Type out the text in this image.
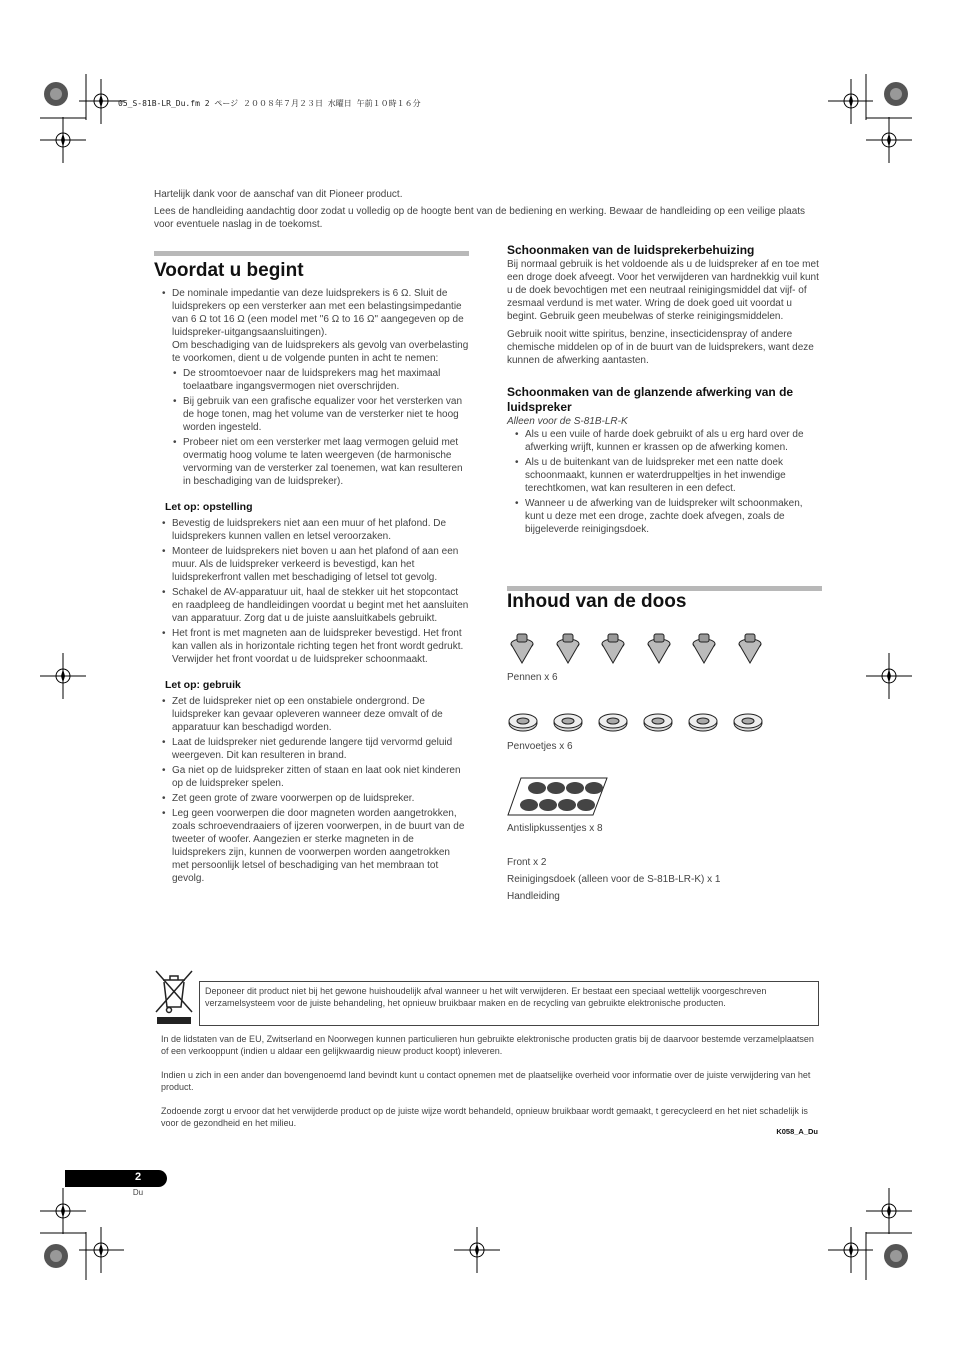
05_S-81B-LR_Du.fm 2 ページ ２００８年７月２３日 水曜日 午前１０時１６分
Hartelijk dank voor de aanschaf van dit Pioneer product.
Lees de handleiding aandachtig door zodat u volledig op de hoogte bent van de bediening en werking. Bewaar de handleiding op een veilige plaats voor eventuele naslag in de toekomst.
Voordat u begint
• De nominale impedantie van deze luidsprekers is 6 Ω. Sluit de luidsprekers op een versterker aan met een belastingsimpedantie van 6 Ω tot 16 Ω (een model met "6 Ω to 16 Ω" aangegeven op de luidspreker-uitgangsaansluitingen).
Om beschadiging van de luidsprekers als gevolg van overbelasting te voorkomen, dient u de volgende punten in acht te nemen:
• De stroomtoevoer naar de luidsprekers mag het maximaal toelaatbare ingangsvermogen niet overschrijden.
• Bij gebruik van een grafische equalizer voor het versterken van de hoge tonen, mag het volume van de versterker niet te hoog worden ingesteld.
• Probeer niet om een versterker met laag vermogen geluid met overmatig hoog volume te laten weergeven (de harmonische vervorming van de versterker zal toenemen, wat kan resulteren in beschadiging van de luidspreker).
Let op: opstelling
• Bevestig de luidsprekers niet aan een muur of het plafond. De luidsprekers kunnen vallen en letsel veroorzaken.
• Monteer de luidsprekers niet boven u aan het plafond of aan een muur. Als de luidspreker verkeerd is bevestigd, kan het luidsprekerfront vallen met beschadiging of letsel tot gevolg.
• Schakel de AV-apparatuur uit, haal de stekker uit het stopcontact en raadpleeg de handleidingen voordat u begint met het aansluiten van apparatuur. Zorg dat u de juiste aansluitkabels gebruikt.
• Het front is met magneten aan de luidspreker bevestigd. Het front kan vallen als in horizontale richting tegen het front wordt gedrukt. Verwijder het front voordat u de luidspreker schoonmaakt.
Let op: gebruik
• Zet de luidspreker niet op een onstabiele ondergrond. De luidspreker kan gevaar opleveren wanneer deze omvalt of de apparatuur kan beschadigd worden.
• Laat de luidspreker niet gedurende langere tijd vervormd geluid weergeven. Dit kan resulteren in brand.
• Ga niet op de luidspreker zitten of staan en laat ook niet kinderen op de luidspreker spelen.
• Zet geen grote of zware voorwerpen op de luidspreker.
• Leg geen voorwerpen die door magneten worden aangetrokken, zoals schroevendraaiers of ijzeren voorwerpen, in de buurt van de tweeter of woofer. Aangezien er sterke magneten in de luidsprekers zijn, kunnen de voorwerpen worden aangetrokken met persoonlijk letsel of beschadiging van het membraan tot gevolg.
Schoonmaken van de luidsprekerbehuizing

Bij normaal gebruik is het voldoende als u de luidspreker af en toe met een droge doek afveegt. Voor het verwijderen van hardnekkig vuil kunt u de doek bevochtigen met een neutraal reinigingsmiddel dat vijf- of zesmaal verdund is met water. Wring de doek goed uit voordat u begint. Gebruik geen meubelwas of sterke reinigingsmiddelen.

Gebruik nooit witte spiritus, benzine, insecticidenspray of andere chemische middelen op of in de buurt van de luidsprekers, want deze kunnen de afwerking aantasten.

Schoonmaken van de glanzende afwerking van de luidspreker
Alleen voor de S-81B-LR-K
• Als u een vuile of harde doek gebruikt of als u erg hard over de afwerking wrijft, kunnen er krassen op de afwerking komen.
• Als u de buitenkant van de luidspreker met een natte doek schoonmaakt, kunnen er waterdruppeltjes in het inwendige terechtkomen, wat kan resulteren in een defect.
• Wanneer u de afwerking van de luidspreker wilt schoonmaken, kunt u deze met een droge, zachte doek afvegen, zoals de bijgeleverde reinigingsdoek.
Inhoud van de doos
Pennen x 6
Penvoetjes x 6
Antislipkussentjes x 8
Front x 2
Reinigingsdoek (alleen voor de S-81B-LR-K) x 1
Handleiding
Deponeer dit product niet bij het gewone huishoudelijk afval wanneer u het wilt verwijderen. Er bestaat een speciaal wettelijk voorgeschreven verzamelsysteem voor de juiste behandeling, het opnieuw bruikbaar maken en de recycling van gebruikte elektronische producten.
In de lidstaten van de EU, Zwitserland en Noorwegen kunnen particulieren hun gebruikte elektronische producten gratis bij de daarvoor bestemde verzamelplaatsen of een verkooppunt (indien u aldaar een gelijkwaardig nieuw product koopt) inleveren.
Indien u zich in een ander dan bovengenoemd land bevindt kunt u contact opnemen met de plaatselijke overheid voor informatie over de juiste verwijdering van het product.
Zodoende zorgt u ervoor dat het verwijderde product op de juiste wijze wordt behandeld, opnieuw bruikbaar wordt gemaakt, t gerecycleerd en het niet schadelijk is voor de gezondheid en het milieu.
K058_A_Du
2
Du
